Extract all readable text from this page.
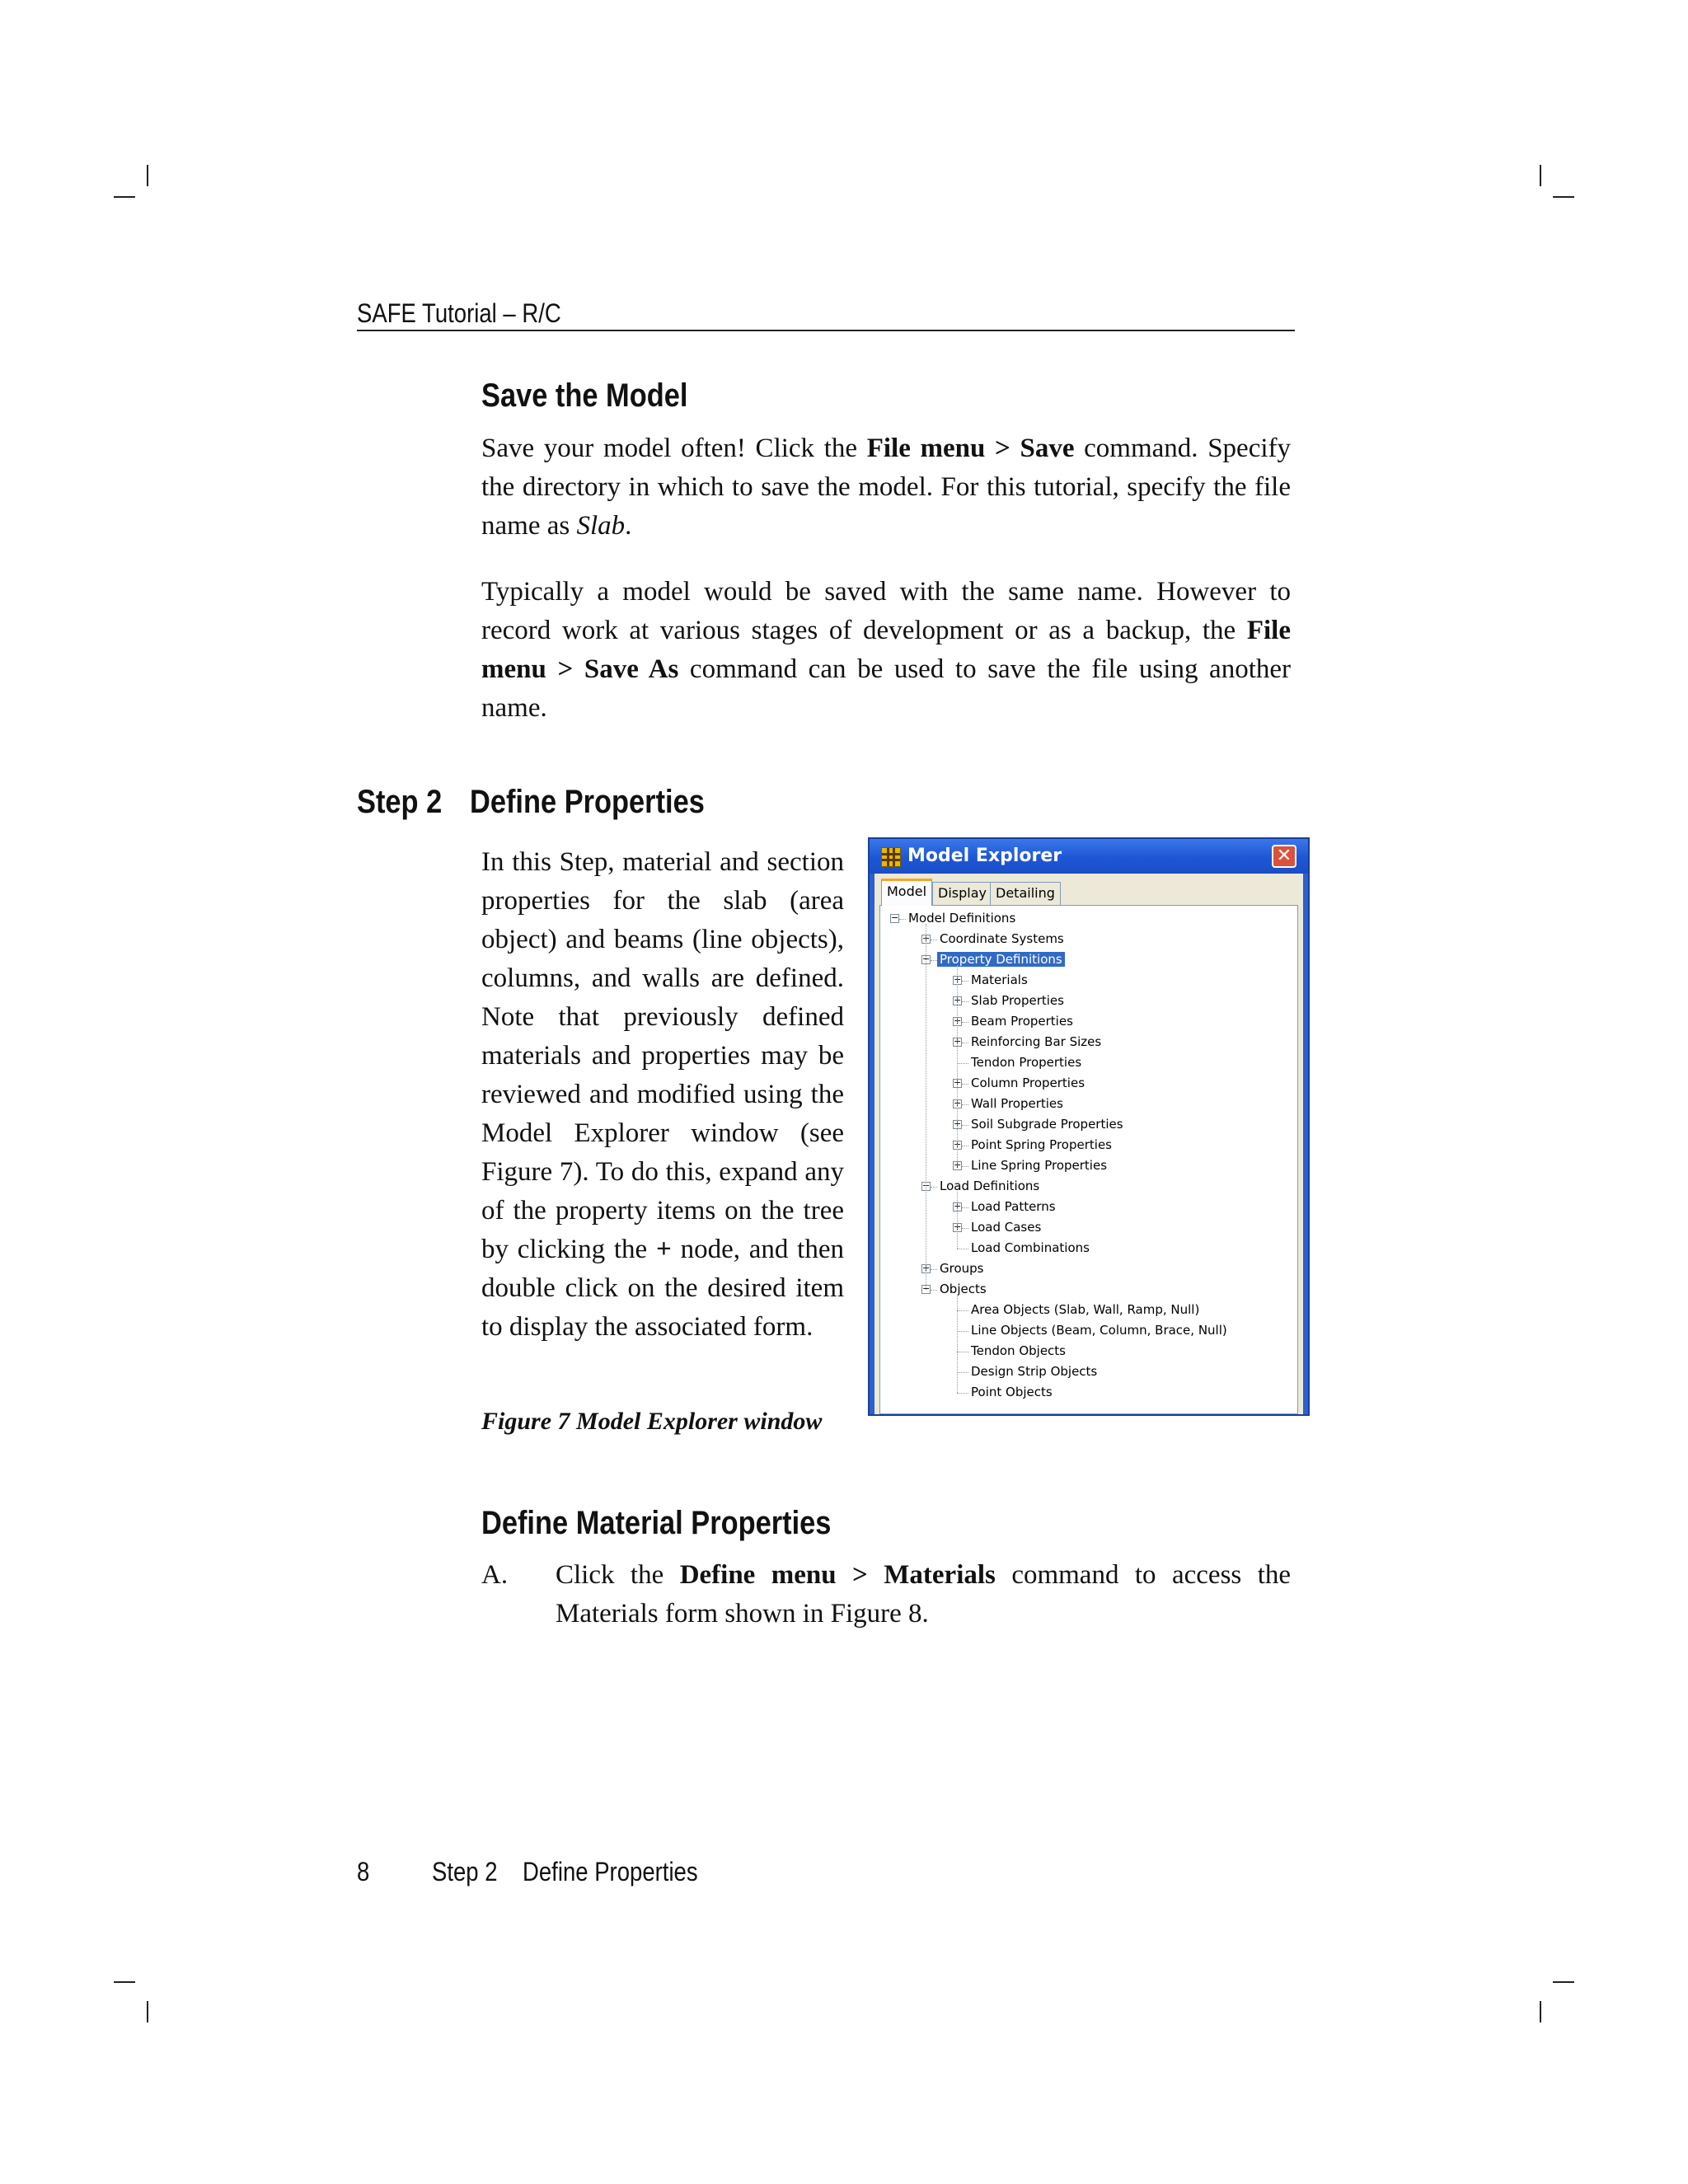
SAFE Tutorial – R/C
Save the Model
Save your model often! Click the File menu > Save command. Specify the directory in which to save the model. For this tutorial, specify the file name as Slab.
Typically a model would be saved with the same name. However to record work at various stages of development or as a backup, the File menu > Save As command can be used to save the file using another name.
Step 2 Define Properties
In this Step, material and section properties for the slab (area object) and beams (line objects), columns, and walls are defined. Note that previously defined materials and properties may be reviewed and modified using the Model Explorer window (see Figure 7). To do this, expand any of the property items on the tree by clicking the + node, and then double click on the desired item to display the associated form.
Figure 7 Model Explorer window
Model Explorer	✕
Model Display Detailing
− Model Definitions
+ Coordinate Systems
− Property Definitions
+ Materials
+ Slab Properties
+ Beam Properties
+ Reinforcing Bar Sizes
Tendon Properties
+ Column Properties
+ Wall Properties
+ Soil Subgrade Properties
+ Point Spring Properties
+ Line Spring Properties
− Load Definitions
+ Load Patterns
+ Load Cases
Load Combinations
+ Groups
− Objects
Area Objects (Slab, Wall, Ramp, Null)
Line Objects (Beam, Column, Brace, Null)
Tendon Objects
Design Strip Objects
Point Objects
Define Material Properties
A. Click the Define menu > Materials command to access the Materials form shown in Figure 8.
8 Step 2 Define Properties
